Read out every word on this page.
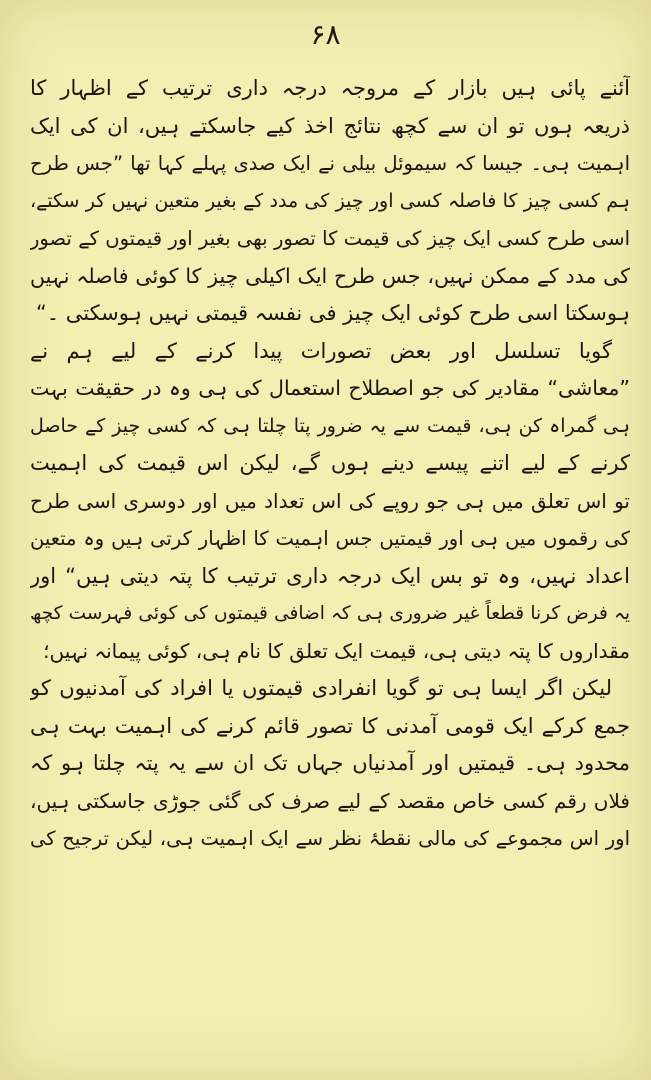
۶۸
آئنے پائی ہیں بازار کے مروجہ درجہ داری ترتیب کے اظہار کا
ذریعہ ہوں تو ان سے کچھ نتائج اخذ کیے جاسکتے ہیں، ان کی ایک
اہمیت ہی۔ جیسا کہ سیموئل بیلی نے ایک صدی پہلے کہا تھا ”جس طرح
ہم کسی چیز کا فاصلہ کسی اور چیز کی مدد کے بغیر متعین نہیں کر سکتے،
اسی طرح کسی ایک چیز کی قیمت کا تصور بھی بغیر اور قیمتوں کے تصور
کی مدد کے ممکن نہیں، جس طرح ایک اکیلی چیز کا کوئی فاصلہ نہیں
ہوسکتا اسی طرح کوئی ایک چیز فی نفسہ قیمتی نہیں ہوسکتی ۔“
گویا تسلسل اور بعض تصورات پیدا کرنے کے لیے ہم نے
”معاشی“ مقادیر کی جو اصطلاح استعمال کی ہی وہ در حقیقت بہت
ہی گمراہ کن ہی، قیمت سے یہ ضرور پتا چلتا ہی کہ کسی چیز کے حاصل
کرنے کے لیے اتنے پیسے دینے ہوں گے، لیکن اس قیمت کی اہمیت
تو اس تعلق میں ہی جو روپے کی اس تعداد میں اور دوسری اسی طرح
کی رقموں میں ہی اور قیمتیں جس اہمیت کا اظہار کرتی ہیں وہ متعین
اعداد نہیں، وہ تو بس ایک درجہ داری ترتیب کا پتہ دیتی ہیں“ اور
یہ فرض کرنا قطعاً غیر ضروری ہی کہ اضافی قیمتوں کی کوئی فہرست کچھ
مقداروں کا پتہ دیتی ہی، قیمت ایک تعلق کا نام ہی، کوئی پیمانہ نہیں؛
لیکن اگر ایسا ہی تو گویا انفرادی قیمتوں یا افراد کی آمدنیوں کو
جمع کرکے ایک قومی آمدنی کا تصور قائم کرنے کی اہمیت بہت ہی
محدود ہی۔ قیمتیں اور آمدنیاں جہاں تک ان سے یہ پتہ چلتا ہو کہ
فلاں رقم کسی خاص مقصد کے لیے صرف کی گئی جوڑی جاسکتی ہیں،
اور اس مجموعے کی مالی نقطۂ نظر سے ایک اہمیت ہی، لیکن ترجیح کی
